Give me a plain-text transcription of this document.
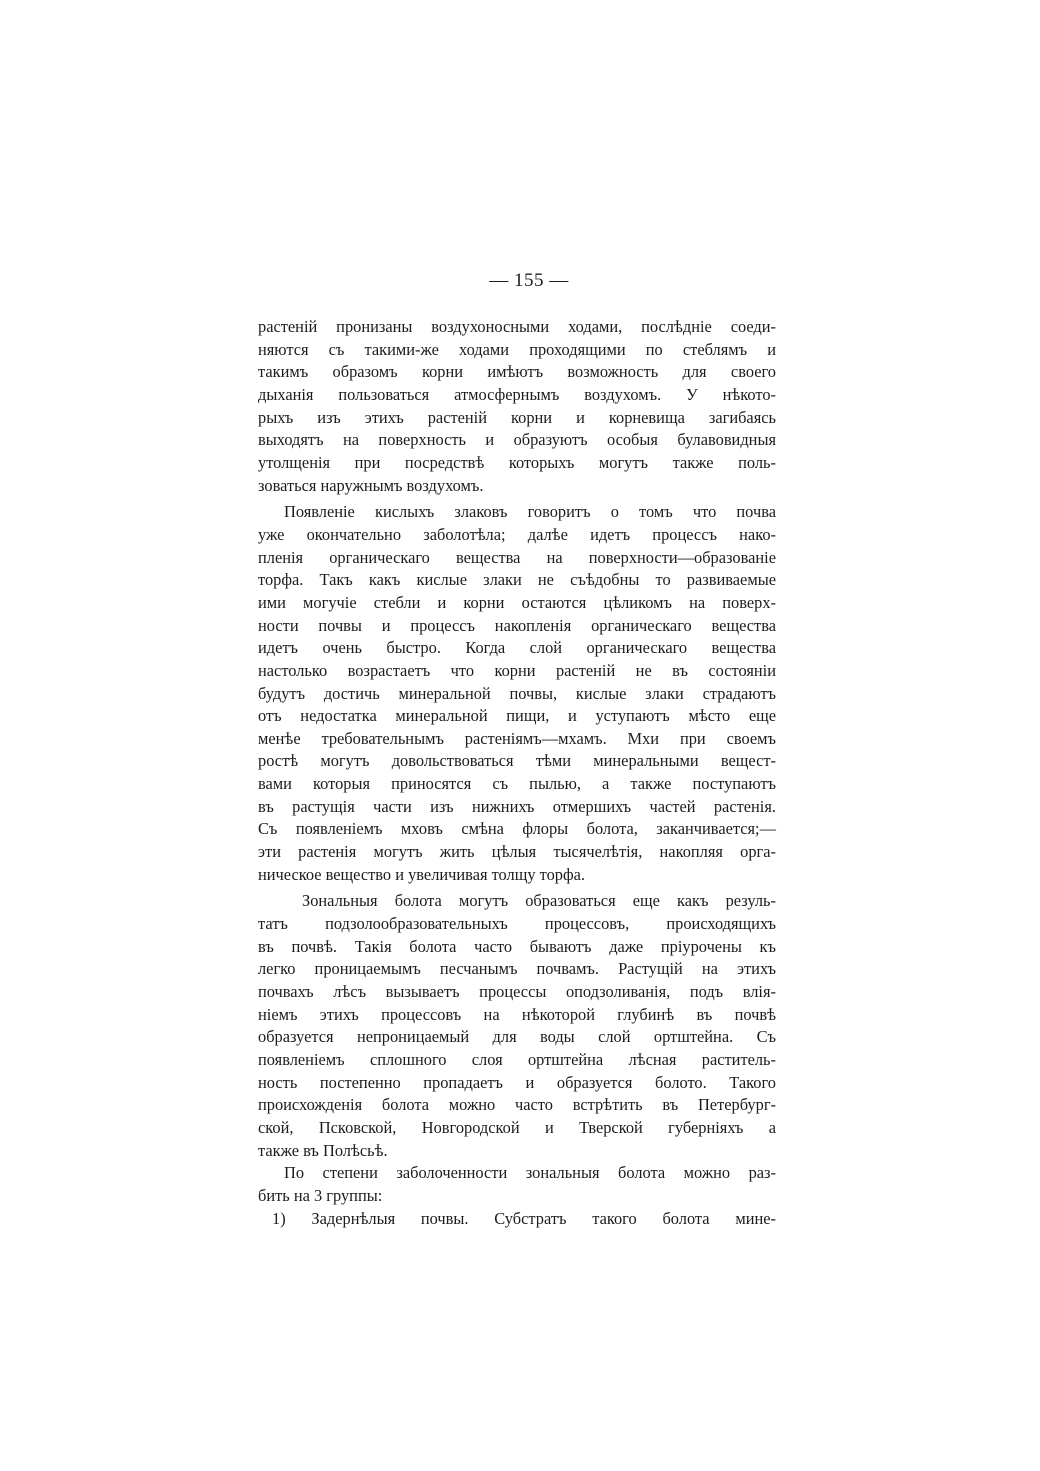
— 155 —
растеній пронизаны воздухоносными ходами, послѣдніе соеди-
няются съ такими-же ходами проходящими по стеблямъ и
такимъ образомъ корни имѣютъ возможность для своего
дыханія пользоваться атмосфернымъ воздухомъ. У нѣкото-
рыхъ изъ этихъ растеній корни и корневища загибаясь
выходятъ на поверхность и образуютъ особыя булавовидныя
утолщенія при посредствѣ которыхъ могутъ также поль-
зоваться наружнымъ воздухомъ.
Появленіе кислыхъ злаковъ говоритъ о томъ что почва
уже окончательно заболотѣла; далѣе идетъ процессъ нако-
пленія органическаго вещества на поверхности—образованіе
торфа. Такъ какъ кислые злаки не съѣдобны то развиваемые
ими могучіе стебли и корни остаются цѣликомъ на поверх-
ности почвы и процессъ накопленія органическаго вещества
идетъ очень быстро. Когда слой органическаго вещества
настолько возрастаетъ что корни растеній не въ состояніи
будутъ достичь минеральной почвы, кислые злаки страдаютъ
отъ недостатка минеральной пищи, и уступаютъ мѣсто еще
менѣе требовательнымъ растеніямъ—мхамъ. Мхи при своемъ
ростѣ могутъ довольствоваться тѣми минеральными вещест-
вами которыя приносятся съ пылью, а также поступаютъ
въ растущія части изъ нижнихъ отмершихъ частей растенія.
Съ появленіемъ мховъ смѣна флоры болота, заканчивается;—
эти растенія могутъ жить цѣлыя тысячелѣтія, накопляя орга-
ническое вещество и увеличивая толщу торфа.
Зональныя болота могутъ образоваться еще какъ резуль-
татъ подзолообразовательныхъ процессовъ, происходящихъ
въ почвѣ. Такія болота часто бываютъ даже пріурочены къ
легко проницаемымъ песчанымъ почвамъ. Растущій на этихъ
почвахъ лѣсъ вызываетъ процессы оподзоливанія, подъ влія-
ніемъ этихъ процессовъ на нѣкоторой глубинѣ въ почвѣ
образуется непроницаемый для воды слой ортштейна. Съ
появленіемъ сплошного слоя ортштейна лѣсная раститель-
ность постепенно пропадаетъ и образуется болото. Такого
происхожденія болота можно часто встрѣтить въ Петербург-
ской, Псковской, Новгородской и Тверской губерніяхъ а
также въ Полѣсьѣ.
По степени заболоченности зональныя болота можно раз-
бить на 3 группы:
1) Задернѣлыя почвы. Субстратъ такого болота мине-
